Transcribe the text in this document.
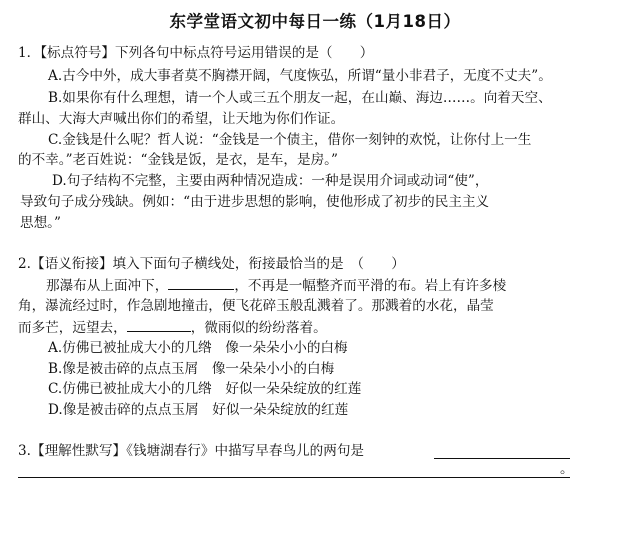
东学堂语文初中每日一练（1月18日）
1．【标点符号】下列各句中标点符号运用错误的是（　　）
A.古今中外，成大事者莫不胸襟开阔，气度恢弘，所谓“量小非君子，无度不丈夫”。
B.如果你有什么理想，请一个人或三五个朋友一起，在山巅、海边……。向着天空、
群山、大海大声喊出你们的希望，让天地为你们作证。
C.金钱是什么呢？哲人说：“金钱是一个债主，借你一刻钟的欢悦，让你付上一生
的不幸。”老百姓说：“金钱是饭，是衣，是车，是房。”
D.句子结构不完整，主要由两种情况造成：一种是误用介词或动词“使”，
导致句子成分残缺。例如：“由于进步思想的影响，使他形成了初步的民主主义
思想。”
2.【语义衔接】填入下面句子横线处，衔接最恰当的是　（　　）
那瀑布从上面冲下，	，不再是一幅整齐而平滑的布。岩上有许多棱
角，瀑流经过时，作急剧地撞击，便飞花碎玉般乱溅着了。那溅着的水花，晶莹
而多芒，远望去，	，微雨似的纷纷落着。
A.仿佛已被扯成大小的几绺　像一朵朵小小的白梅
B.像是被击碎的点点玉屑　像一朵朵小小的白梅
C.仿佛已被扯成大小的几绺　好似一朵朵绽放的红莲
D.像是被击碎的点点玉屑　好似一朵朵绽放的红莲
3.【理解性默写】《钱塘湖春行》中描写早春鸟儿的两句是
。
